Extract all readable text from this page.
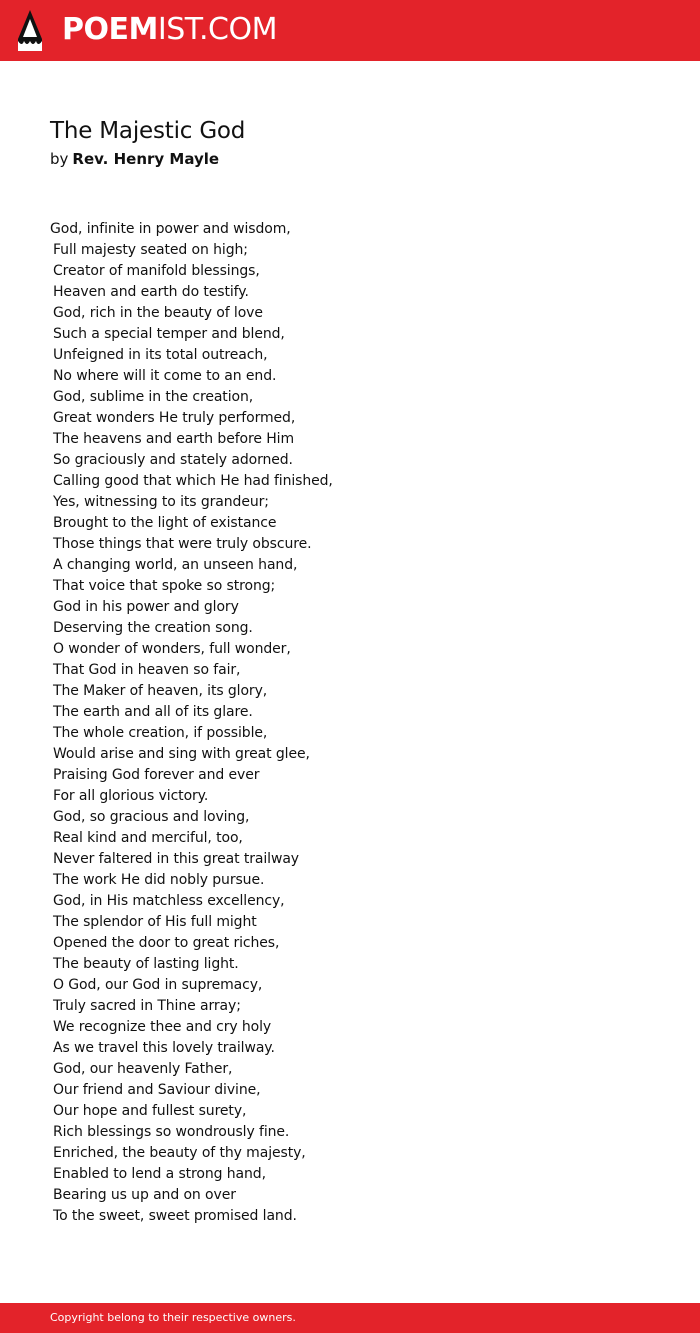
POEMIST.COM
The Majestic God
by Rev. Henry Mayle
God, infinite in power and wisdom,
Full majesty seated on high;
Creator of manifold blessings,
Heaven and earth do testify.
God, rich in the beauty of love
Such a special temper and blend,
Unfeigned in its total outreach,
No where will it come to an end.
God, sublime in the creation,
Great wonders He truly performed,
The heavens and earth before Him
So graciously and stately adorned.
Calling good that which He had finished,
Yes, witnessing to its grandeur;
Brought to the light of existance
Those things that were truly obscure.
A changing world, an unseen hand,
That voice that spoke so strong;
God in his power and glory
Deserving the creation song.
O wonder of wonders, full wonder,
That God in heaven so fair,
The Maker of heaven, its glory,
The earth and all of its glare.
The whole creation, if possible,
Would arise and sing with great glee,
Praising God forever and ever
For all glorious victory.
God, so gracious and loving,
Real kind and merciful, too,
Never faltered in this great trailway
The work He did nobly pursue.
God, in His matchless excellency,
The splendor of His full might
Opened the door to great riches,
The beauty of lasting light.
O God, our God in supremacy,
Truly sacred in Thine array;
We recognize thee and cry holy
As we travel this lovely trailway.
God, our heavenly Father,
Our friend and Saviour divine,
Our hope and fullest surety,
Rich blessings so wondrously fine.
Enriched, the beauty of thy majesty,
Enabled to lend a strong hand,
Bearing us up and on over
To the sweet, sweet promised land.
Copyright belong to their respective owners.
